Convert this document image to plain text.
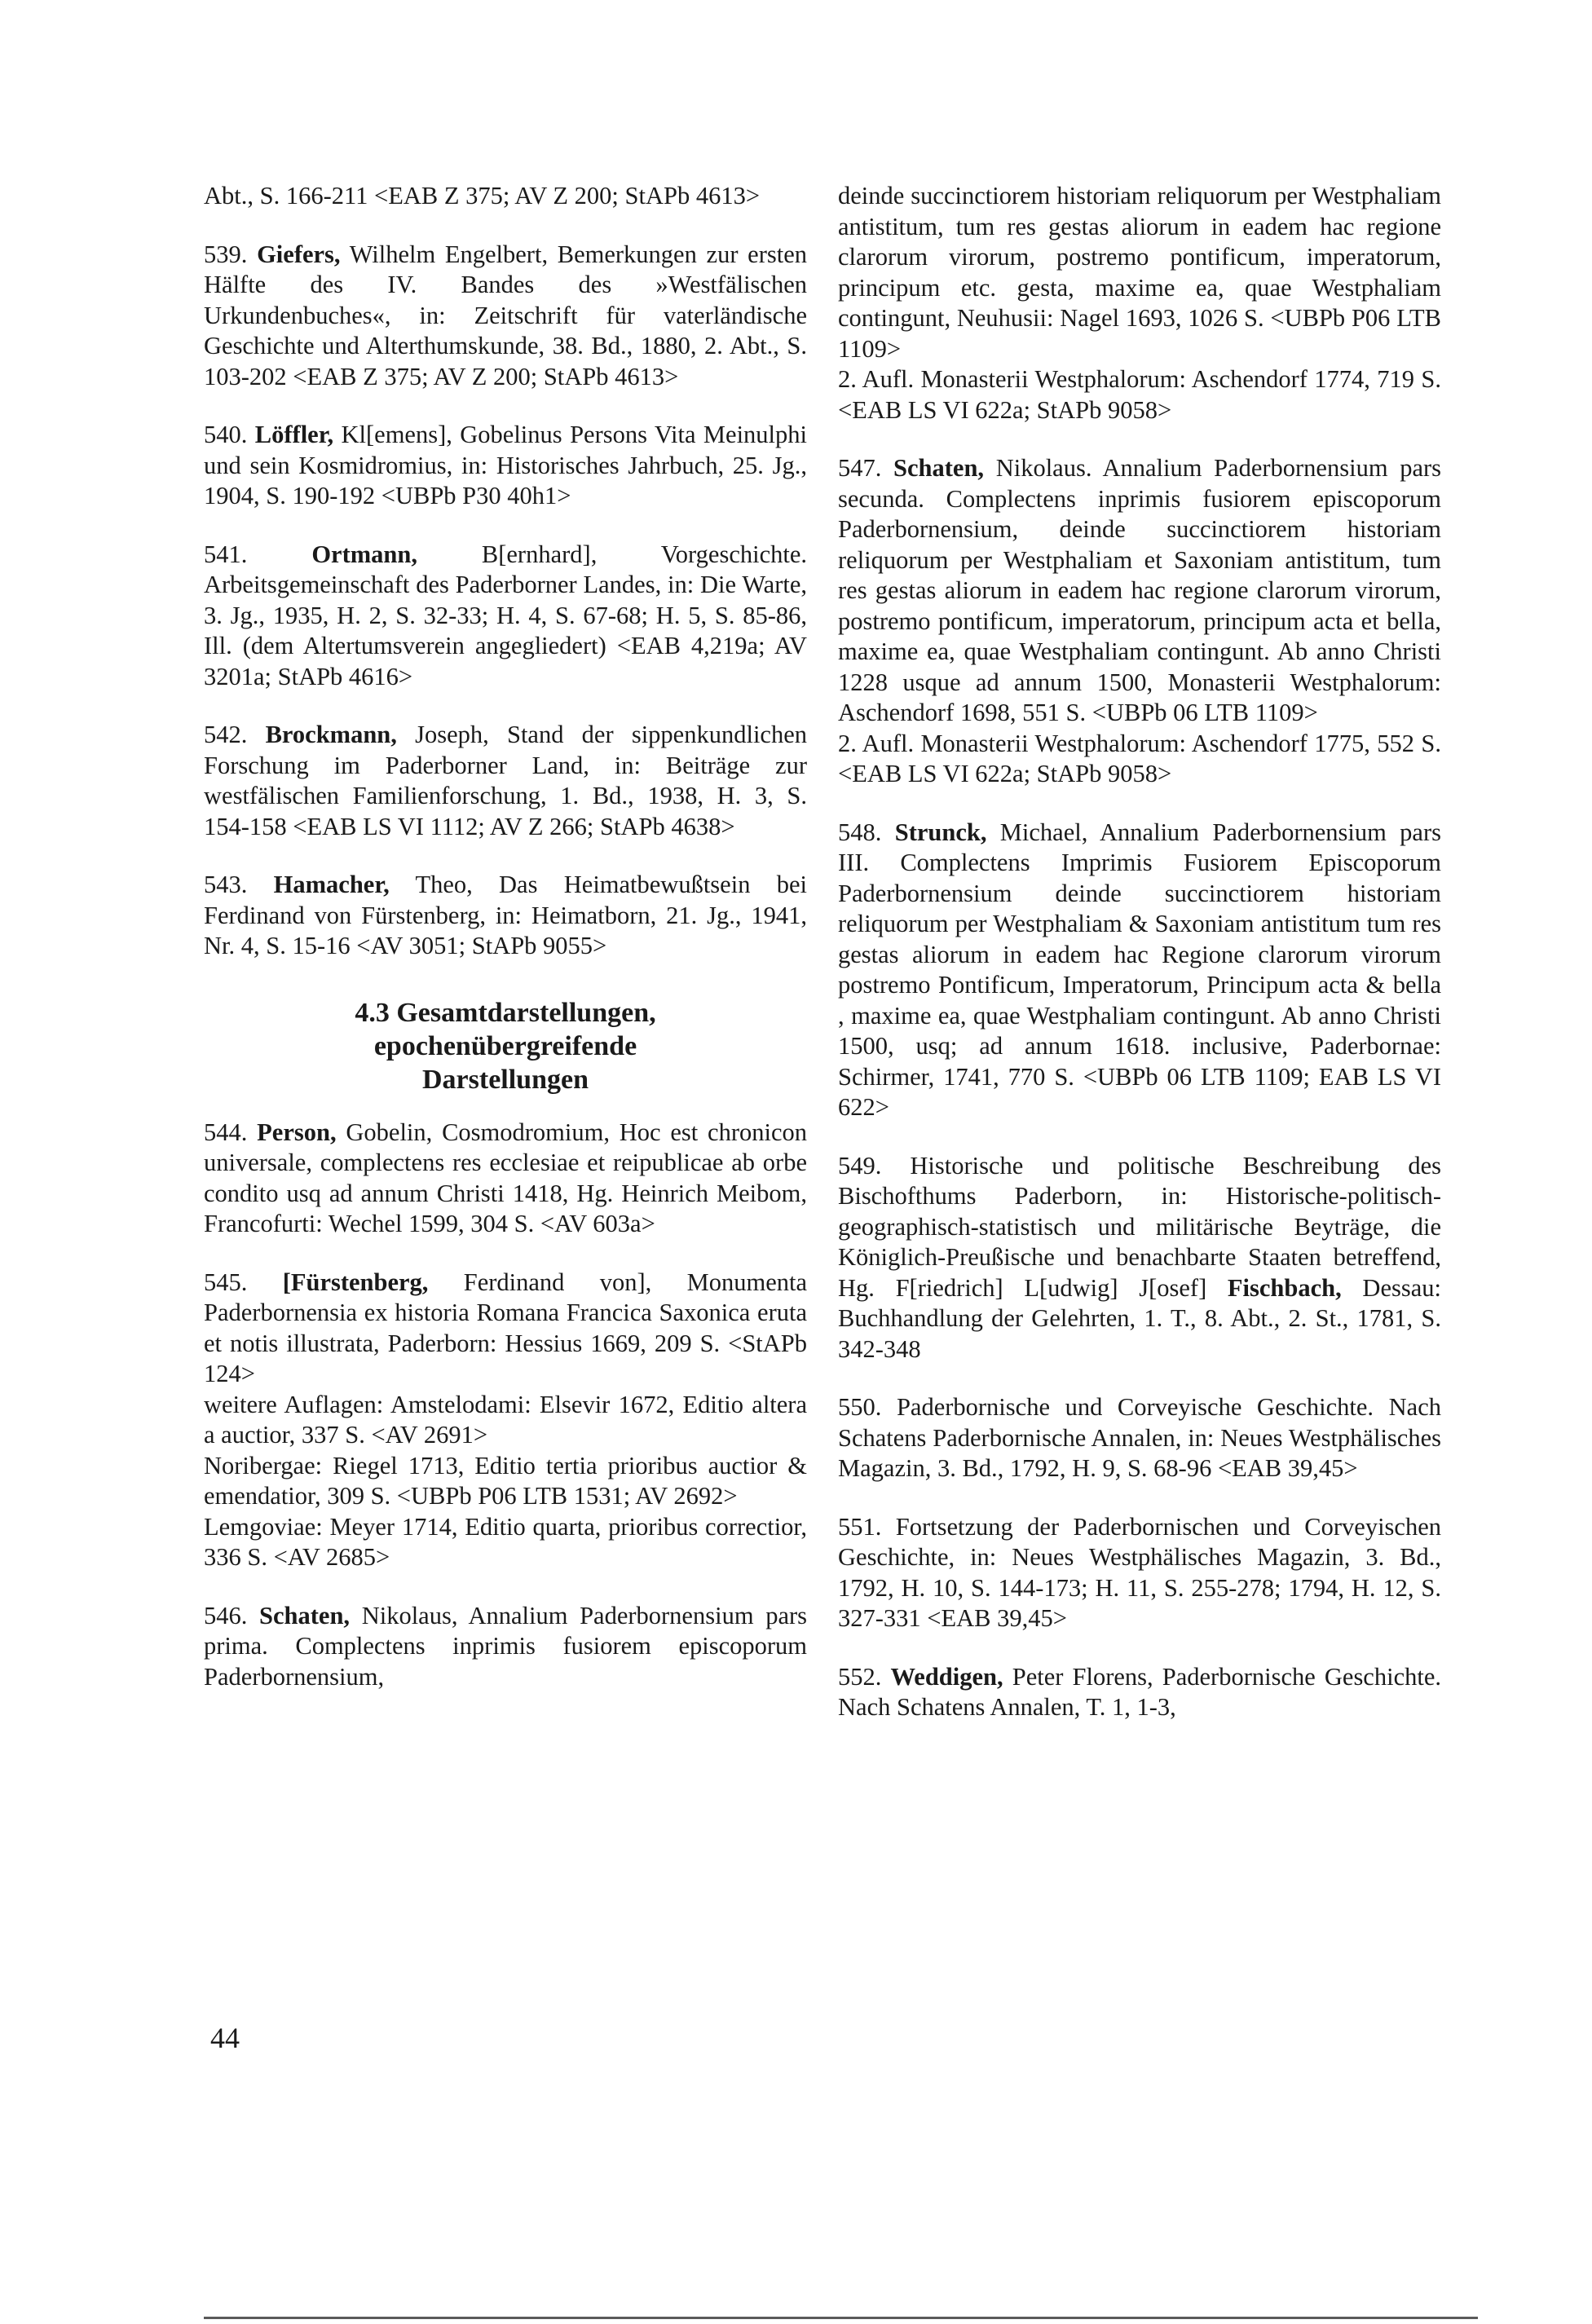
Abt., S. 166-211 <EAB Z 375; AV Z 200; StAPb 4613>

539. Giefers, Wilhelm Engelbert, Bemerkungen zur ersten Hälfte des IV. Bandes des »Westfälischen Urkundenbuches«, in: Zeitschrift für vaterländische Geschichte und Alterthumskunde, 38. Bd., 1880, 2. Abt., S. 103-202 <EAB Z 375; AV Z 200; StAPb 4613>

540. Löffler, Kl[emens], Gobelinus Persons Vita Meinulphi und sein Kosmidromius, in: Historisches Jahrbuch, 25. Jg., 1904, S. 190-192 <UBPb P30 40h1>

541.	Ortmann, B[ernhard], Vorgeschichte. Arbeitsgemeinschaft des Paderborner Landes, in: Die Warte, 3. Jg., 1935, H. 2, S. 32-33; H. 4, S. 67-68; H. 5, S. 85-86, Ill. (dem Altertumsverein angegliedert) <EAB 4,219a; AV 3201a; StAPb 4616>

542. Brockmann, Joseph, Stand der sippenkundlichen Forschung im Paderborner Land, in: Beiträge zur westfälischen Familienforschung, 1. Bd., 1938, H. 3, S. 154-158 <EAB LS VI 1112; AV Z 266; StAPb 4638>

543. Hamacher, Theo, Das Heimatbewußtsein bei Ferdinand von Fürstenberg, in: Heimatborn, 21. Jg., 1941, Nr. 4, S. 15-16 <AV 3051; StAPb 9055>

4.3 Gesamtdarstellungen,
epochenübergreifende
Darstellungen

544. Person, Gobelin, Cosmodromium, Hoc est chronicon universale, complectens res ecclesiae et reipublicae ab orbe condito usq ad annum Christi 1418, Hg. Heinrich Meibom, Francofurti: Wechel 1599, 304 S. <AV 603a>

545. [Fürstenberg, Ferdinand von], Monumenta Paderbornensia ex historia Romana Francica Saxonica eruta et notis illustrata, Paderborn: Hessius 1669, 209 S. <StAPb 124>
weitere Auflagen: Amstelodami: Elsevir 1672, Editio altera a auctior, 337 S. <AV 2691>
Noribergae: Riegel 1713, Editio tertia prioribus auctior & emendatior, 309 S. <UBPb P06 LTB 1531; AV 2692>
Lemgoviae: Meyer 1714, Editio quarta, prioribus correctior, 336 S. <AV 2685>

546. Schaten, Nikolaus, Annalium Paderbornensium pars prima. Complectens inprimis fusiorem episcoporum Paderbornensium,

deinde succinctiorem historiam reliquorum per Westphaliam antistitum, tum res gestas aliorum in eadem hac regione clarorum virorum, postremo pontificum, imperatorum, principum etc. gesta, maxime ea, quae Westphaliam contingunt, Neuhusii: Nagel 1693, 1026 S. <UBPb P06 LTB 1109>
2. Aufl. Monasterii Westphalorum: Aschendorf 1774, 719 S. <EAB LS VI 622a; StAPb 9058>

547. Schaten, Nikolaus. Annalium Paderbornensium pars secunda. Complectens inprimis fusiorem episcoporum Paderbornensium, deinde succinctiorem historiam reliquorum per Westphaliam et Saxoniam antistitum, tum res gestas aliorum in eadem hac regione clarorum virorum, postremo pontificum, imperatorum, principum acta et bella, maxime ea, quae Westphaliam contingunt. Ab anno Christi 1228 usque ad annum 1500, Monasterii Westphalorum: Aschendorf 1698, 551 S. <UBPb 06 LTB 1109>
2. Aufl. Monasterii Westphalorum: Aschendorf 1775, 552 S. <EAB LS VI 622a; StAPb 9058>

548. Strunck, Michael, Annalium Paderbornensium pars III. Complectens Imprimis Fusiorem Episcoporum Paderbornensium deinde succinctiorem historiam reliquorum per Westphaliam & Saxoniam antistitum tum res gestas aliorum in eadem hac Regione clarorum virorum postremo Pontificum, Imperatorum, Principum acta & bella , maxime ea, quae Westphaliam contingunt. Ab anno Christi 1500, usq; ad annum 1618. inclusive, Paderbornae: Schirmer, 1741, 770 S. <UBPb 06 LTB 1109; EAB LS VI 622>

549. Historische und politische Beschreibung des Bischofthums Paderborn, in: Historische-politisch-geographisch-statistisch und militärische Beyträge, die Königlich-Preußische und benachbarte Staaten betreffend, Hg. F[riedrich] L[udwig] J[osef] Fischbach, Dessau: Buchhandlung der Gelehrten, 1. T., 8. Abt., 2. St., 1781, S. 342-348

550. Paderbornische und Corveyische Geschichte. Nach Schatens Paderbornische Annalen, in: Neues Westphälisches Magazin, 3. Bd., 1792, H. 9, S. 68-96 <EAB 39,45>

551. Fortsetzung der Paderbornischen und Corveyischen Geschichte, in: Neues Westphälisches Magazin, 3. Bd., 1792, H. 10, S. 144-173; H. 11, S. 255-278; 1794, H. 12, S. 327-331 <EAB 39,45>

552. Weddigen, Peter Florens, Paderbornische Geschichte. Nach Schatens Annalen, T. 1, 1-3,

44
